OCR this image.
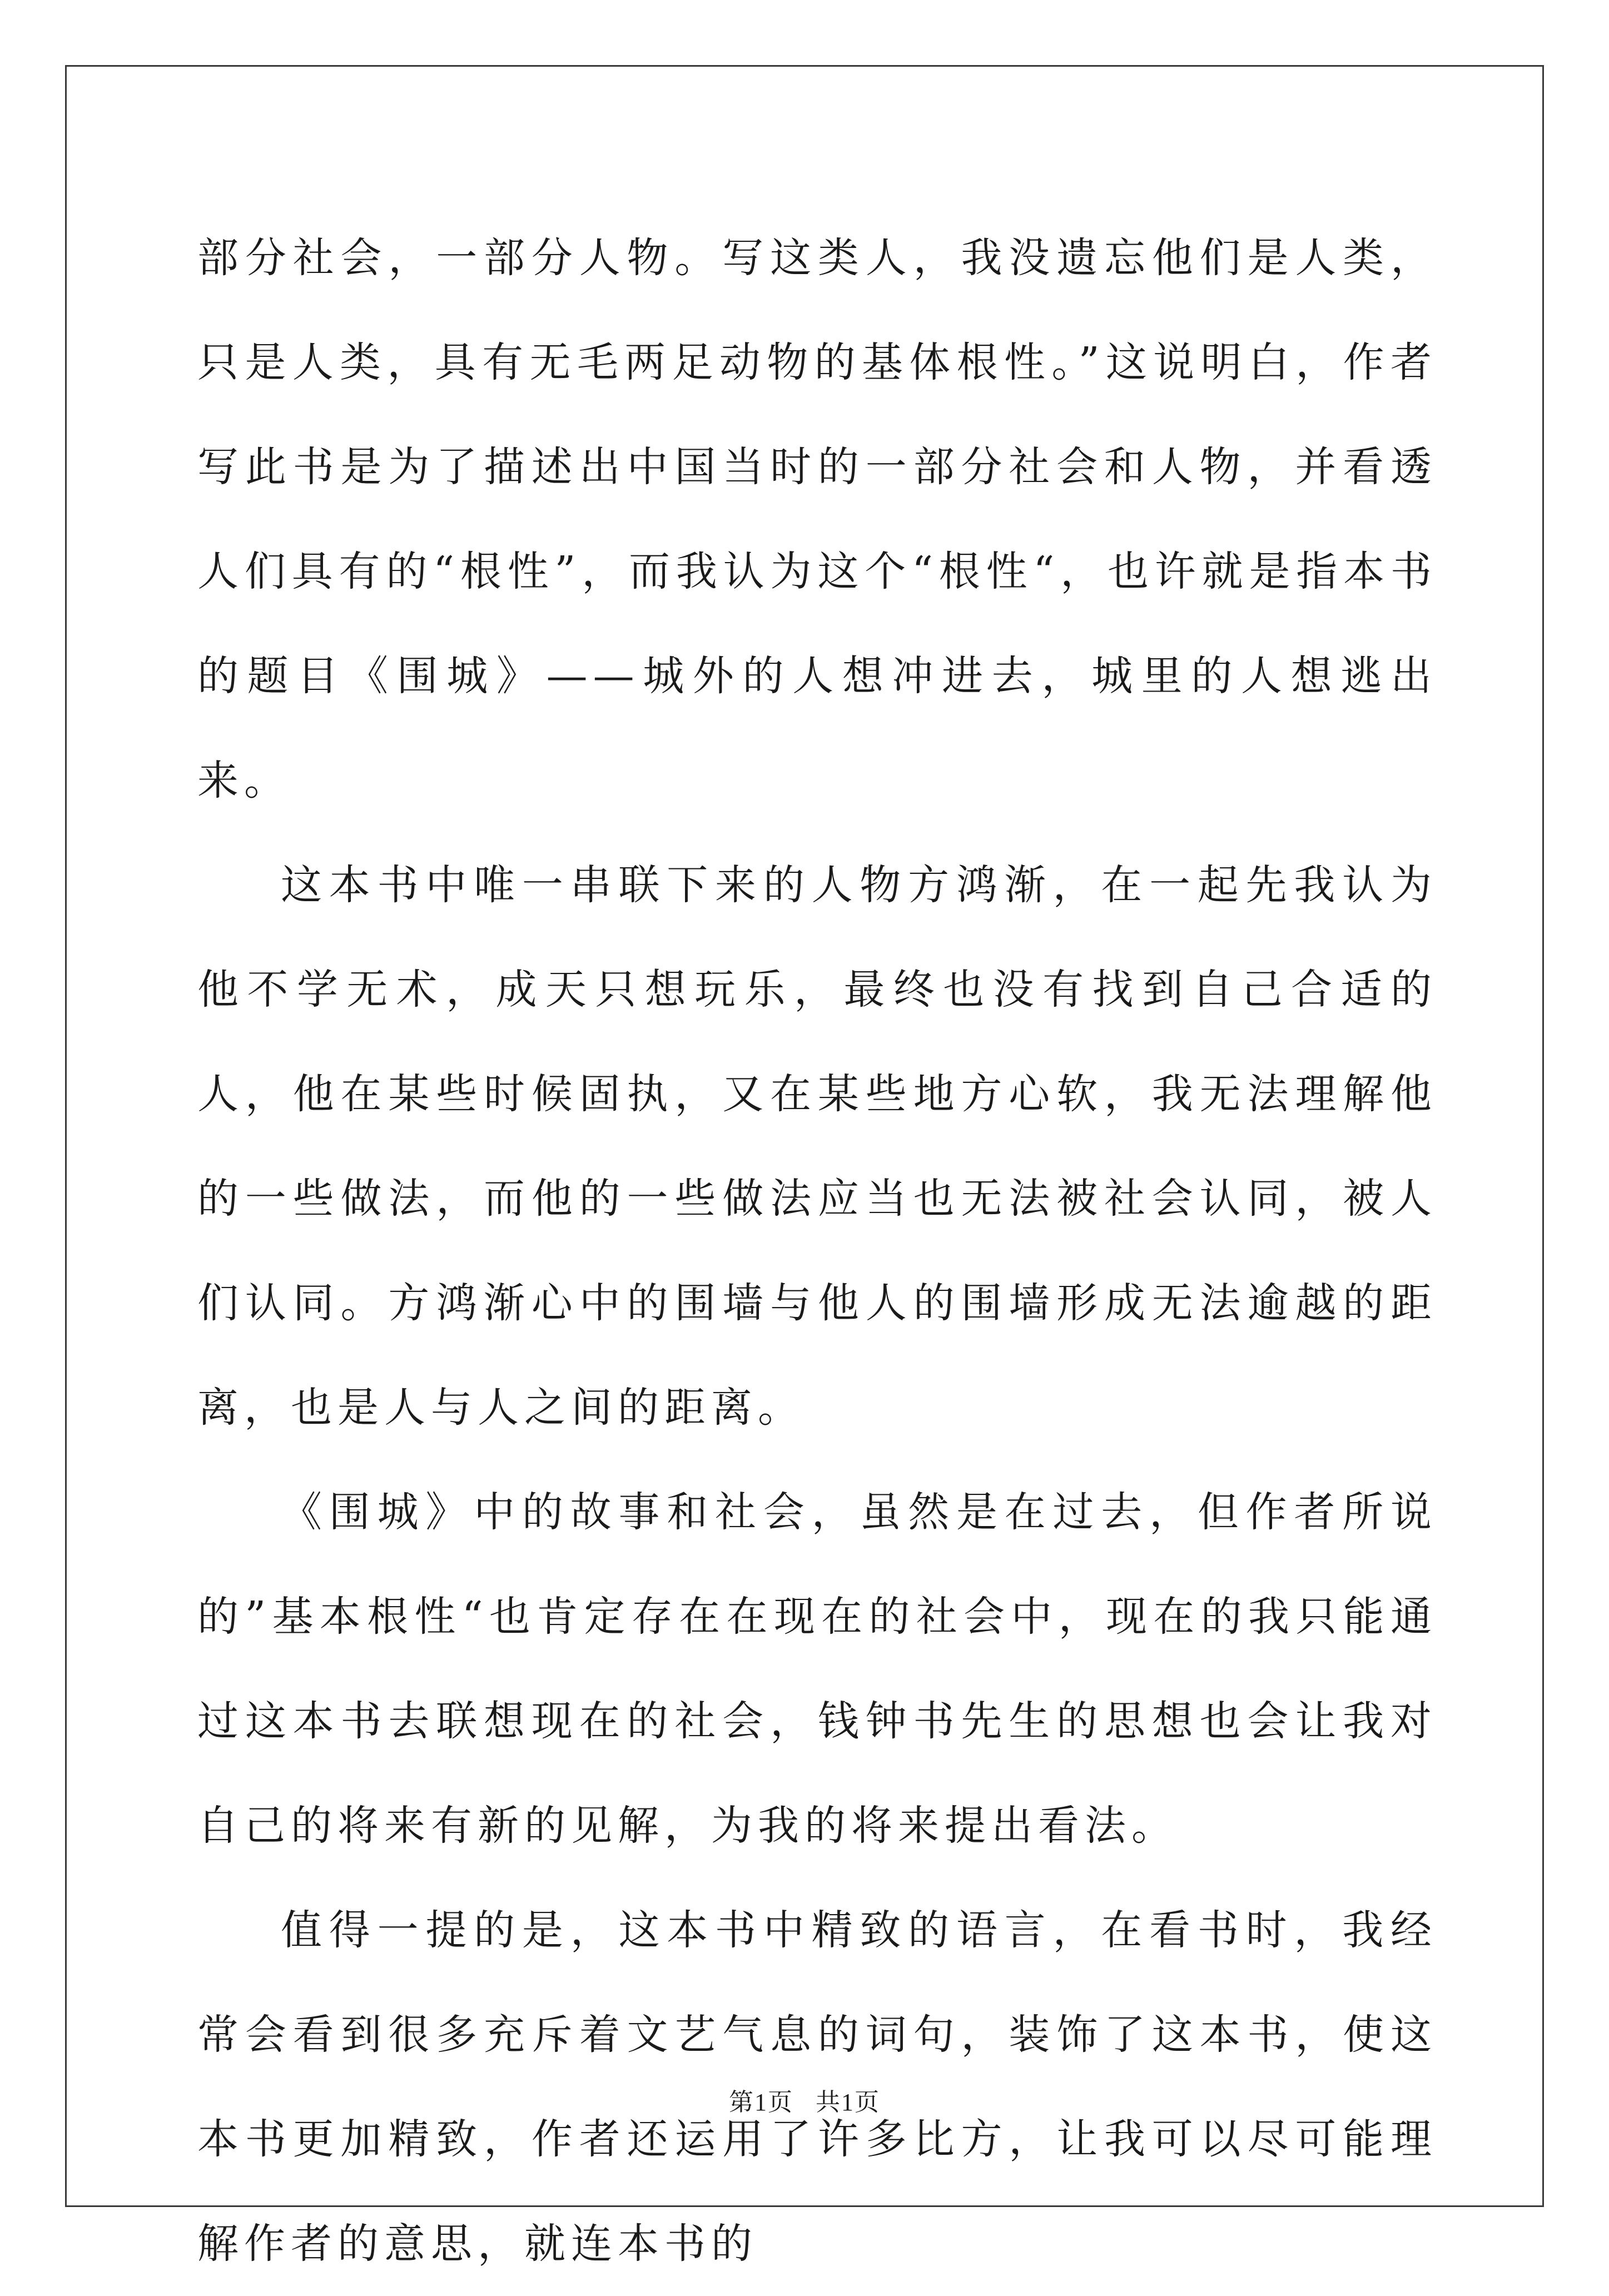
部分社会，一部分人物。写这类人，我没遗忘他们是人类，只是人类，具有无毛两足动物的基体根性。”这说明白，作者写此书是为了描述出中国当时的一部分社会和人物，并看透人们具有的“根性”，而我认为这个“根性“，也许就是指本书的题目《围城》——城外的人想冲进去，城里的人想逃出来。

这本书中唯一串联下来的人物方鸿渐，在一起先我认为他不学无术，成天只想玩乐，最终也没有找到自己合适的人，他在某些时候固执，又在某些地方心软，我无法理解他的一些做法，而他的一些做法应当也无法被社会认同，被人们认同。方鸿渐心中的围墙与他人的围墙形成无法逾越的距离，也是人与人之间的距离。

《围城》中的故事和社会，虽然是在过去，但作者所说的”基本根性“也肯定存在在现在的社会中，现在的我只能通过这本书去联想现在的社会，钱钟书先生的思想也会让我对自己的将来有新的见解，为我的将来提出看法。

值得一提的是，这本书中精致的语言，在看书时，我经常会看到很多充斥着文艺气息的词句，装饰了这本书，使这本书更加精致，作者还运用了许多比方，让我可以尽可能理解作者的意思，就连本书的

第1页 共1页
